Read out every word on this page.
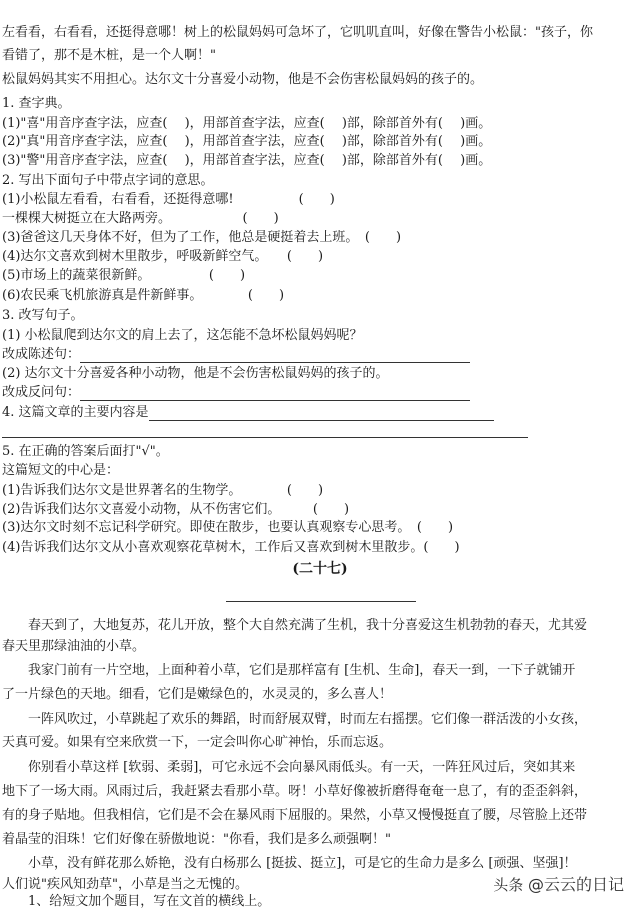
左看看，右看看，还挺得意哪！树上的松鼠妈妈可急坏了，它叽叽直叫，好像在警告小松鼠："孩子，你
看错了，那不是木桩，是一个人啊！"
松鼠妈妈其实不用担心。达尔文十分喜爱小动物，他是不会伤害松鼠妈妈的孩子的。
1. 查字典。
(1)"喜"用音序查字法，应查(　 )，用部首查字法，应查(　 )部，除部首外有(　 )画。
(2)"真"用音序查字法，应查(　 )，用部首查字法，应查(　 )部，除部首外有(　 )画。
(3)"警"用音序查字法，应查(　 )，用部首查字法，应查(　 )部，除部首外有(　 )画。
2. 写出下面句子中带点字词的意思。
(1)小松鼠左看看，右看看，还挺得意哪!　　　　　(　　)
一棵棵大树挺立在大路两旁。　　　　　　(　　)
(3)爸爸这几天身体不好，但为了工作，他总是硬挺着去上班。　(　　)
(4)达尔文喜欢到树木里散步，呼吸新鲜空气。　　(　　)
(5)市场上的蔬菜很新鲜。　　　　　(　　)
(6)农民乘飞机旅游真是件新鲜事。　　　　(　　)
3. 改写句子。
(1) 小松鼠爬到达尔文的肩上去了，这怎能不急坏松鼠妈妈呢？
改成陈述句：
(2) 达尔文十分喜爱各种小动物，他是不会伤害松鼠妈妈的孩子的。
改成反问句：
4. 这篇文章的主要内容是
5. 在正确的答案后面打"√"。
这篇短文的中心是：
(1)告诉我们达尔文是世界著名的生物学。　　　　(　　)
(2)告诉我们达尔文喜爱小动物，从不伤害它们。　　　(　　)
(3)达尔文时刻不忘记科学研究。即使在散步，也要认真观察专心思考。　(　　)
(4)告诉我们达尔文从小喜欢观察花草树木，工作后又喜欢到树木里散步。(　　)
(二十七)
春天到了，大地复苏，花儿开放，整个大自然充满了生机，我十分喜爱这生机勃勃的春天，尤其爱
春天里那绿油油的小草。
我家门前有一片空地，上面种着小草，它们是那样富有 [生机、生命]，春天一到，一下子就铺开
了一片绿色的天地。细看，它们是嫩绿色的，水灵灵的，多么喜人！
一阵风吹过，小草跳起了欢乐的舞蹈，时而舒展双臂，时而左右摇摆。它们像一群活泼的小女孩，
天真可爱。如果有空来欣赏一下，一定会叫你心旷神怡，乐而忘返。
你别看小草这样 [软弱、柔弱]，可它永远不会向暴风雨低头。有一天，一阵狂风过后，突如其来
地下了一场大雨。风雨过后，我赶紧去看那小草。呀！小草好像被折磨得奄奄一息了，有的歪歪斜斜，
有的身子贴地。但我相信，它们是不会在暴风雨下屈服的。果然，小草又慢慢挺直了腰，尽管脸上还带
着晶莹的泪珠！它们好像在骄傲地说："你看，我们是多么顽强啊！"
小草，没有鲜花那么娇艳，没有白杨那么 [挺拔、挺立]，可是它的生命力是多么 [顽强、坚强]！
人们说"疾风知劲草"，小草是当之无愧的。
1、给短文加个题目，写在文首的横线上。
头条 @云云的日记
